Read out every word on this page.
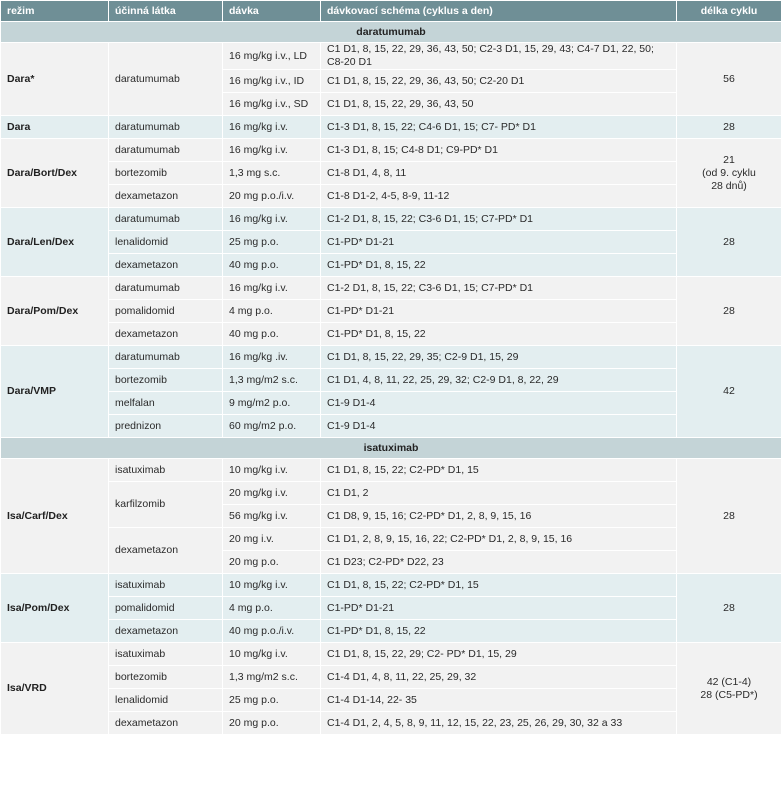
režim	účinná látka	dávka	dávkovací schéma (cyklus a den)	délka cyklu
daratumumab				
Dara*	daratumumab	16 mg/kg i.v., LD	C1 D1, 8, 15, 22, 29, 36, 43, 50; C2-3 D1, 15, 29, 43; C4-7 D1, 22, 50; C8-20 D1	56

		16 mg/kg i.v., ID	C1 D1, 8, 15, 22, 29, 36, 43, 50; C2-20 D1	
		16 mg/kg i.v., SD	C1 D1, 8, 15, 22, 29, 36, 43, 50	
Dara	daratumumab	16 mg/kg i.v.	C1-3 D1, 8, 15, 22; C4-6 D1, 15; C7- PD* D1	28

Dara/Bort/Dex	daratumumab	16 mg/kg i.v.	C1-3 D1, 8, 15; C4-8 D1; C9-PD* D1	21
(od 9. cyklu
28 dnů)

	bortezomib	1,3 mg s.c.	C1-8 D1, 4, 8, 11	
	dexametazon	20 mg p.o./i.v.	C1-8 D1-2, 4-5, 8-9, 11-12	
Dara/Len/Dex	daratumumab	16 mg/kg i.v.	C1-2 D1, 8, 15, 22; C3-6 D1, 15; C7-PD* D1	28

	lenalidomid	25 mg p.o.	C1-PD* D1-21	
	dexametazon	40 mg p.o.	C1-PD* D1, 8, 15, 22	
Dara/Pom/Dex	daratumumab	16 mg/kg i.v.	C1-2 D1, 8, 15, 22; C3-6 D1, 15; C7-PD* D1	28

	pomalidomid	4 mg p.o.	C1-PD* D1-21	
	dexametazon	40 mg p.o.	C1-PD* D1, 8, 15, 22	
Dara/VMP	daratumumab	16 mg/kg .iv.	C1 D1, 8, 15, 22, 29, 35; C2-9 D1, 15, 29	42

	bortezomib	1,3 mg/m2 s.c.	C1 D1, 4, 8, 11, 22, 25, 29, 32; C2-9 D1, 8, 22, 29	
	melfalan	9 mg/m2 p.o.	C1-9 D1-4	
	prednizon	60 mg/m2 p.o.	C1-9 D1-4	
isatuximab				
Isa/Carf/Dex	isatuximab	10 mg/kg i.v.	C1 D1, 8, 15, 22; C2-PD* D1, 15	28

	karfilzomib	20 mg/kg i.v.	C1 D1, 2	
		56 mg/kg i.v.	C1 D8, 9, 15, 16; C2-PD* D1, 2, 8, 9, 15, 16	
	dexametazon	20 mg i.v.	C1 D1, 2, 8, 9, 15, 16, 22; C2-PD* D1, 2, 8, 9, 15, 16	
		20 mg p.o.	C1 D23; C2-PD* D22, 23	
Isa/Pom/Dex	isatuximab	10 mg/kg i.v.	C1 D1, 8, 15, 22; C2-PD* D1, 15	28

	pomalidomid	4 mg p.o.	C1-PD* D1-21	
	dexametazon	40 mg p.o./i.v.	C1-PD* D1, 8, 15, 22	
Isa/VRD	isatuximab	10 mg/kg i.v.	C1 D1, 8, 15, 22, 29; C2- PD* D1, 15, 29	42 (C1-4)
28 (C5-PD*)

	bortezomib	1,3 mg/m2 s.c.	C1-4 D1, 4, 8, 11, 22, 25, 29, 32	
	lenalidomid	25 mg p.o.	C1-4 D1-14, 22- 35	
	dexametazon	20 mg p.o.	C1-4 D1, 2, 4, 5, 8, 9, 11, 12, 15, 22, 23, 25, 26, 29, 30, 32 a 33	
